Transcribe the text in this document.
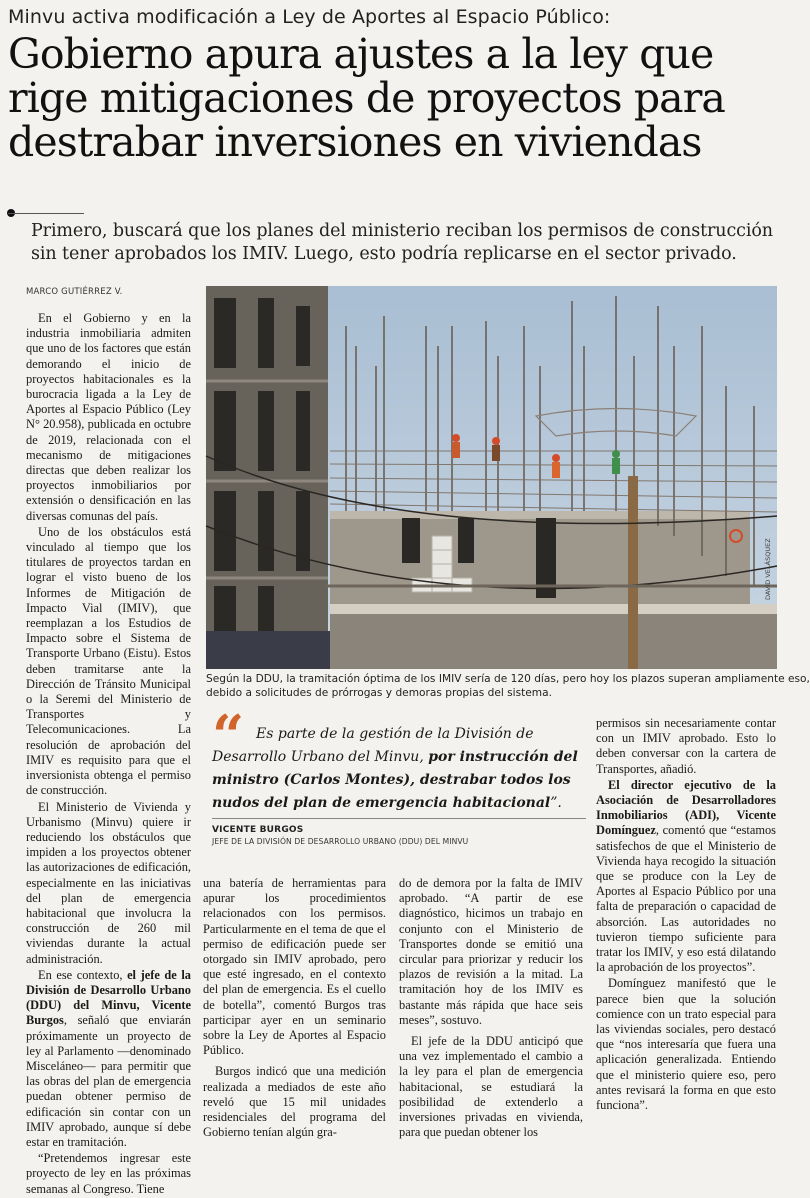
Minvu activa modificación a Ley de Aportes al Espacio Público:
Gobierno apura ajustes a la ley que
rige mitigaciones de proyectos para
destrabar inversiones en viviendas
Primero, buscará que los planes del ministerio reciban los permisos de construcción
sin tener aprobados los IMIV. Luego, esto podría replicarse en el sector privado.
MARCO GUTIÉRREZ V.

En el Gobierno y en la industria inmobiliaria admiten que uno de los factores que están demorando el inicio de proyectos habitacionales es la burocracia ligada a la Ley de Aportes al Espacio Público (Ley N° 20.958), publicada en octubre de 2019, relacionada con el mecanismo de mitigaciones directas que deben realizar los proyectos inmobiliarios por extensión o densificación en las diversas comunas del país.

Uno de los obstáculos está vinculado al tiempo que los titulares de proyectos tardan en lograr el visto bueno de los Informes de Mitigación de Impacto Vial (IMIV), que reemplazan a los Estudios de Impacto sobre el Sistema de Transporte Urbano (Eistu). Estos deben tramitarse ante la Dirección de Tránsito Municipal o la Seremi del Ministerio de Transportes y Telecomunicaciones. La resolución de aprobación del IMIV es requisito para que el inversionista obtenga el permiso de construcción.

El Ministerio de Vivienda y Urbanismo (Minvu) quiere ir reduciendo los obstáculos que impiden a los proyectos obtener las autorizaciones de edificación, especialmente en las iniciativas del plan de emergencia habitacional que involucra la construcción de 260 mil viviendas durante la actual administración.

En ese contexto, el jefe de la División de Desarrollo Urbano (DDU) del Minvu, Vicente Burgos, señaló que enviarán próximamente un proyecto de ley al Parlamento —denominado Misceláneo— para permitir que las obras del plan de emergencia puedan obtener permiso de edificación sin contar con un IMIV aprobado, aunque sí debe estar en tramitación.

“Pretendemos ingresar este proyecto de ley en las próximas semanas al Congreso. Tiene

DAVID VELÁSQUEZ
Según la DDU, la tramitación óptima de los IMIV sería de 120 días, pero hoy los plazos superan ampliamente eso,
debido a solicitudes de prórrogas y demoras propias del sistema.
“ Es parte de la gestión de la División de
Desarrollo Urbano del Minvu, por instrucción del
ministro (Carlos Montes), destrabar todos los
nudos del plan de emergencia habitacional”.
VICENTE BURGOS
JEFE DE LA DIVISIÓN DE DESARROLLO URBANO (DDU) DEL MINVU

una batería de herramientas para apurar los procedimientos relacionados con los permisos. Particularmente en el tema de que el permiso de edificación puede ser otorgado sin IMIV aprobado, pero que esté ingresado, en el contexto del plan de emergencia. Es el cuello de botella”, comentó Burgos tras participar ayer en un seminario sobre la Ley de Aportes al Espacio Público.

Burgos indicó que una medición realizada a mediados de este año reveló que 15 mil unidades residenciales del programa del Gobierno tenían algún gra-

do de demora por la falta de IMIV aprobado. “A partir de ese diagnóstico, hicimos un trabajo en conjunto con el Ministerio de Transportes donde se emitió una circular para priorizar y reducir los plazos de revisión a la mitad. La tramitación hoy de los IMIV es bastante más rápida que hace seis meses”, sostuvo.

El jefe de la DDU anticipó que una vez implementado el cambio a la ley para el plan de emergencia habitacional, se estudiará la posibilidad de extenderlo a inversiones privadas en vivienda, para que puedan obtener los

permisos sin necesariamente contar con un IMIV aprobado. Esto lo deben conversar con la cartera de Transportes, añadió.

El director ejecutivo de la Asociación de Desarrolladores Inmobiliarios (ADI), Vicente Domínguez, comentó que “estamos satisfechos de que el Ministerio de Vivienda haya recogido la situación que se produce con la Ley de Aportes al Espacio Público por una falta de preparación o capacidad de absorción. Las autoridades no tuvieron tiempo suficiente para tratar los IMIV, y eso está dilatando la aprobación de los proyectos”.

Domínguez manifestó que le parece bien que la solución comience con un trato especial para las viviendas sociales, pero destacó que “nos interesaría que fuera una aplicación generalizada. Entiendo que el ministerio quiere eso, pero antes revisará la forma en que esto funciona”.
